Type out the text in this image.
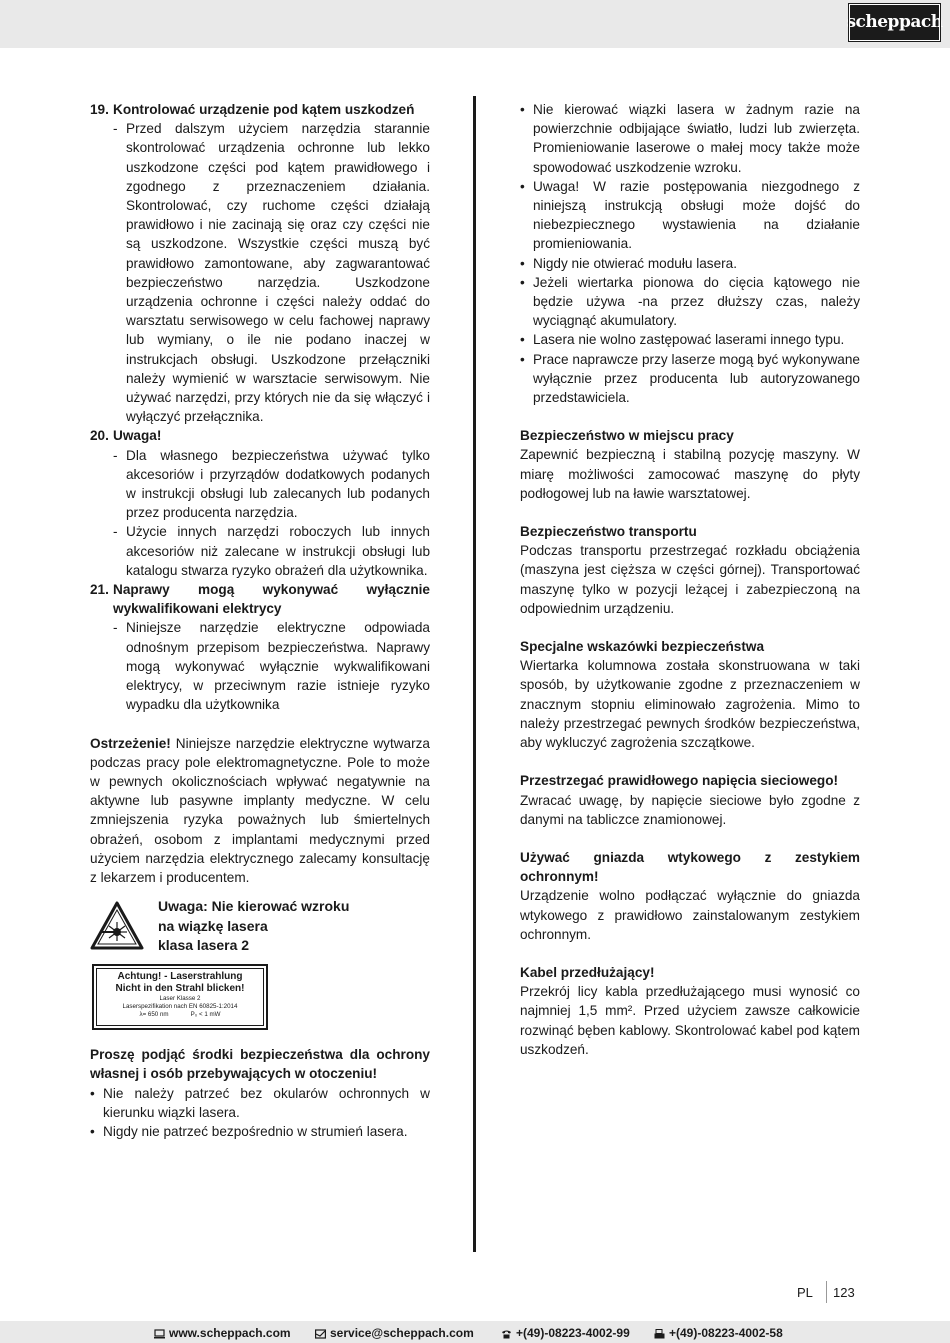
scheppach
19. Kontrolować urządzenie pod kątem uszkodzeń
- Przed dalszym użyciem narzędzia starannie skontrolować urządzenia ochronne lub lekko uszkodzone części pod kątem prawidłowego i zgodnego z przeznaczeniem działania. Skontrolować, czy ruchome części działają prawidłowo i nie zacinają się oraz czy części nie są uszkodzone. Wszystkie części muszą być prawidłowo zamontowane, aby zagwarantować bezpieczeństwo narzędzia. Uszkodzone urządzenia ochronne i części należy oddać do warsztatu serwisowego w celu fachowej naprawy lub wymiany, o ile nie podano inaczej w instrukcjach obsługi. Uszkodzone przełączniki należy wymienić w warsztacie serwisowym. Nie używać narzędzi, przy których nie da się włączyć i wyłączyć przełącznika.
20. Uwaga!
- Dla własnego bezpieczeństwa używać tylko akcesoriów i przyrządów dodatkowych podanych w instrukcji obsługi lub zalecanych lub podanych przez producenta narzędzia.
- Użycie innych narzędzi roboczych lub innych akcesoriów niż zalecane w instrukcji obsługi lub katalogu stwarza ryzyko obrażeń dla użytkownika.
21. Naprawy mogą wykonywać wyłącznie wykwalifikowani elektrycy
- Niniejsze narzędzie elektryczne odpowiada odnośnym przepisom bezpieczeństwa. Naprawy mogą wykonywać wyłącznie wykwalifikowani elektrycy, w przeciwnym razie istnieje ryzyko wypadku dla użytkownika

Ostrzeżenie! Niniejsze narzędzie elektryczne wytwarza podczas pracy pole elektromagnetyczne. Pole to może w pewnych okolicznościach wpływać negatywnie na aktywne lub pasywne implanty medyczne. W celu zmniejszenia ryzyka poważnych lub śmiertelnych obrażeń, osobom z implantami medycznymi przed użyciem narzędzia elektrycznego zalecamy konsultację z lekarzem i producentem.

Uwaga: Nie kierować wzroku
na wiązkę lasera
klasa lasera 2
Achtung! - Laserstrahlung
Nicht in den Strahl blicken!
Laser Klasse 2
Laserspezifikation nach EN 60825-1:2014
λ= 650 nm	P₀ < 1 mW

Proszę podjąć środki bezpieczeństwa dla ochrony własnej i osób przebywających w otoczeniu!

• Nie należy patrzeć bez okularów ochronnych w kierunku wiązki lasera.
• Nigdy nie patrzeć bezpośrednio w strumień lasera.
• Nie kierować wiązki lasera w żadnym razie na powierzchnie odbijające światło, ludzi lub zwierzęta. Promieniowanie laserowe o małej mocy także może spowodować uszkodzenie wzroku.
• Uwaga! W razie postępowania niezgodnego z niniejszą instrukcją obsługi może dojść do niebezpiecznego wystawienia na działanie promieniowania.
• Nigdy nie otwierać modułu lasera.
• Jeżeli wiertarka pionowa do cięcia kątowego nie będzie używa -na przez dłuższy czas, należy wyciągnąć akumulatory.
• Lasera nie wolno zastępować laserami innego typu.
• Prace naprawcze przy laserze mogą być wykonywane wyłącznie przez producenta lub autoryzowanego przedstawiciela.

Bezpieczeństwo w miejscu pracy

Zapewnić bezpieczną i stabilną pozycję maszyny. W miarę możliwości zamocować maszynę do płyty podłogowej lub na ławie warsztatowej.

Bezpieczeństwo transportu

Podczas transportu przestrzegać rozkładu obciążenia (maszyna jest cięższa w części górnej). Transportować maszynę tylko w pozycji leżącej i zabezpieczoną na odpowiednim urządzeniu.

Specjalne wskazówki bezpieczeństwa

Wiertarka kolumnowa została skonstruowana w taki sposób, by użytkowanie zgodne z przeznaczeniem w znacznym stopniu eliminowało zagrożenia. Mimo to należy przestrzegać pewnych środków bezpieczeństwa, aby wykluczyć zagrożenia szczątkowe.

Przestrzegać prawidłowego napięcia sieciowego!

Zwracać uwagę, by napięcie sieciowe było zgodne z danymi na tabliczce znamionowej.

Używać gniazda wtykowego z zestykiem ochronnym!

Urządzenie wolno podłączać wyłącznie do gniazda wtykowego z prawidłowo zainstalowanym zestykiem ochronnym.

Kabel przedłużający!

Przekrój licy kabla przedłużającego musi wynosić co najmniej 1,5 mm². Przed użyciem zawsze całkowicie rozwinąć bęben kablowy. Skontrolować kabel pod kątem uszkodzeń.

PL 123
www.scheppach.com	service@scheppach.com	+(49)-08223-4002-99	+(49)-08223-4002-58
